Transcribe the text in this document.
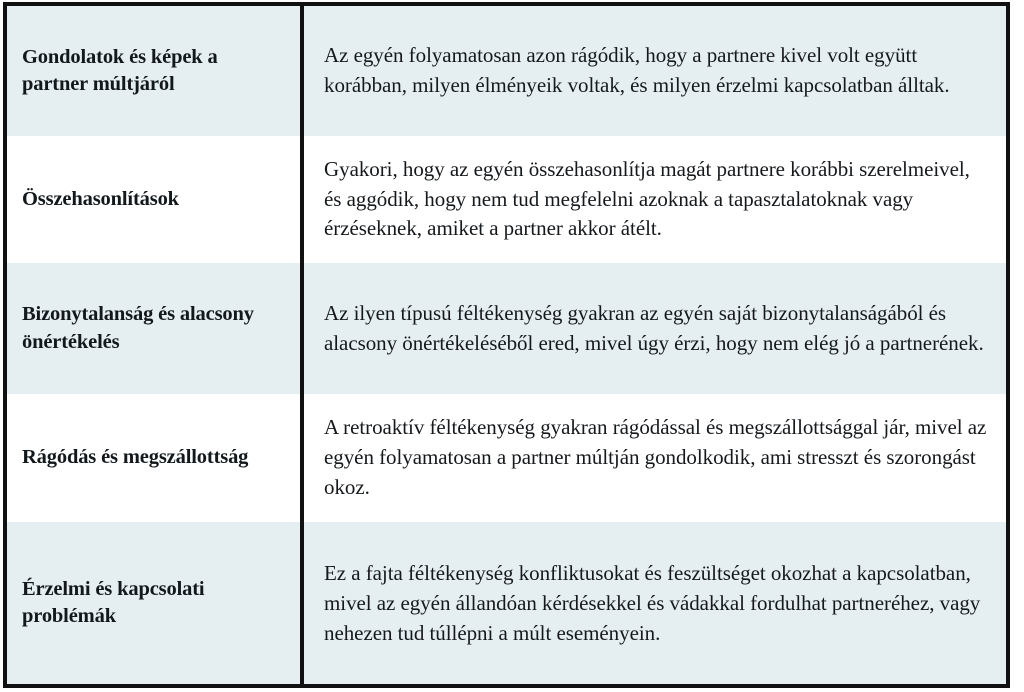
Gondolatok és képek a partner múltjáról
Az egyén folyamatosan azon rágódik, hogy a partnere kivel volt együtt korábban, milyen élményeik voltak, és milyen érzelmi kapcsolatban álltak.
Összehasonlítások
Gyakori, hogy az egyén összehasonlítja magát partnere korábbi szerelmeivel, és aggódik, hogy nem tud megfelelni azoknak a tapasztalatoknak vagy érzéseknek, amiket a partner akkor átélt.
Bizonytalanság és alacsony önértékelés
Az ilyen típusú féltékenység gyakran az egyén saját bizonytalanságából és alacsony önértékeléséből ered, mivel úgy érzi, hogy nem elég jó a partnerének.
Rágódás és megszállottság
A retroaktív féltékenység gyakran rágódással és megszállottsággal jár, mivel az egyén folyamatosan a partner múltján gondolkodik, ami stresszt és szorongást okoz.
Érzelmi és kapcsolati problémák
Ez a fajta féltékenység konfliktusokat és feszültséget okozhat a kapcsolatban, mivel az egyén állandóan kérdésekkel és vádakkal fordulhat partneréhez, vagy nehezen tud túllépni a múlt eseményein.
